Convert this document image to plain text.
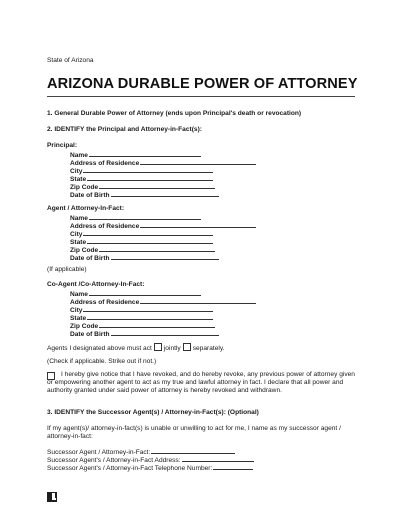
State of Arizona
ARIZONA DURABLE POWER OF ATTORNEY
1. General Durable Power of Attorney (ends upon Principal's death or revocation)
2. IDENTIFY the Principal and Attorney-in-Fact(s):
Principal:
Name
Address of Residence
City
State
Zip Code
Date of Birth
Agent / Attorney-In-Fact:
Name
Address of Residence
City
State
Zip Code
Date of Birth
(If applicable)
Co-Agent /Co-Attorney-In-Fact:
Name
Address of Residence
City
State
Zip Code
Date of Birth
Agents I designated above must act jointly separately.
(Check if applicable. Strike out if not.)
I hereby give notice that I have revoked, and do hereby revoke, any previous power of attorney given or empowering another agent to act as my true and lawful attorney in fact. I declare that all power and authority granted under said power of attorney is hereby revoked and withdrawn.
3. IDENTIFY the Successor Agent(s) / Attorney-in-Fact(s): (Optional)
If my agent(s)/ attorney-in-fact(s) is unable or unwilling to act for me, I name as my successor agent / attorney-in-fact:
Successor Agent / Attorney-in-Fact:
Successor Agent's / Attorney-in-Fact Address:
Successor Agent's / Attorney-in-Fact Telephone Number:
